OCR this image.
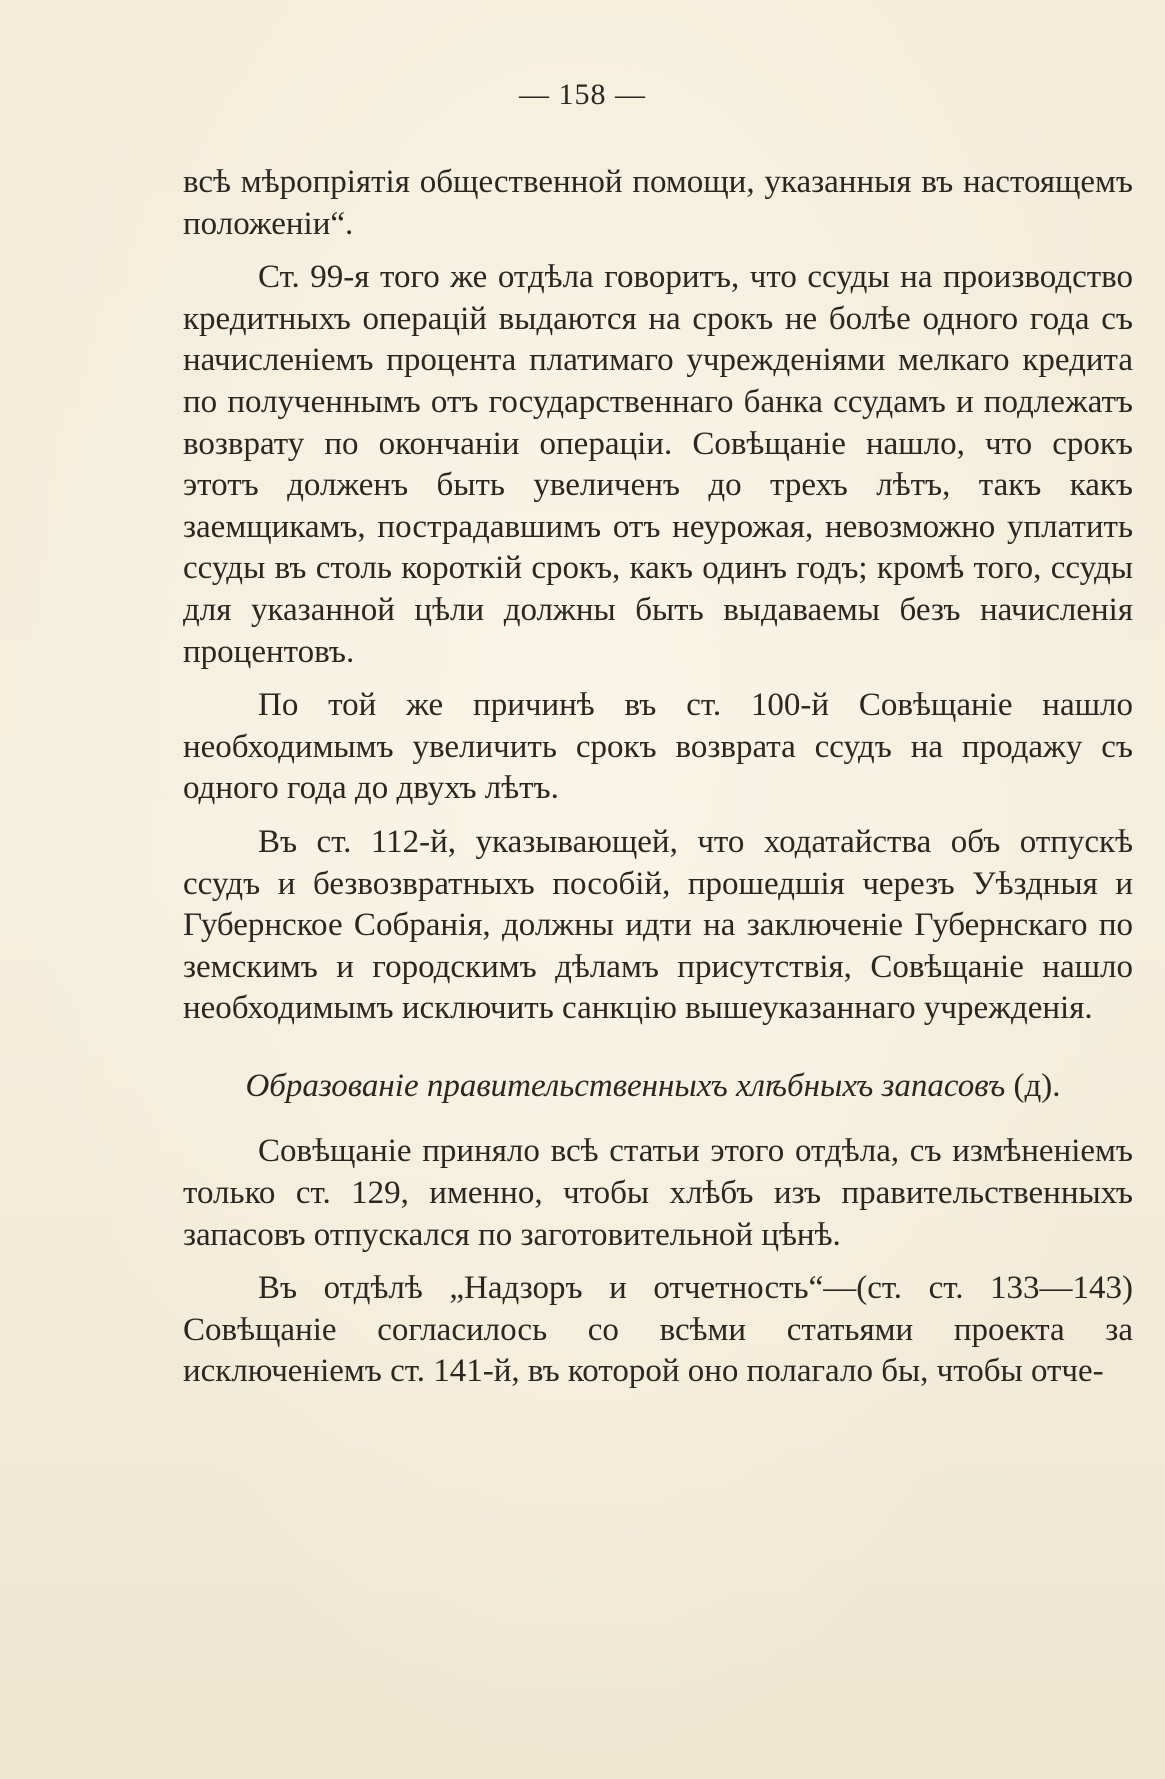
— 158 —

всѣ мѣропріятія общественной помощи, указанныя въ настоящемъ положеніи“.

Ст. 99-я того же отдѣла говоритъ, что ссуды на производство кредитныхъ операцій выдаются на срокъ не болѣе одного года съ начисленіемъ процента платимаго учрежденіями мелкаго кредита по полученнымъ отъ государственнаго банка ссудамъ и подлежатъ возврату по окончаніи операціи. Совѣщаніе нашло, что срокъ этотъ долженъ быть увеличенъ до трехъ лѣтъ, такъ какъ заемщикамъ, пострадавшимъ отъ неурожая, невозможно уплатить ссуды въ столь короткій срокъ, какъ одинъ годъ; кромѣ того, ссуды для указанной цѣли должны быть выдаваемы безъ начисленія процентовъ.

По той же причинѣ въ ст. 100-й Совѣщаніе нашло необходимымъ увеличить срокъ возврата ссудъ на продажу съ одного года до двухъ лѣтъ.

Въ ст. 112-й, указывающей, что ходатайства объ отпускѣ ссудъ и безвозвратныхъ пособій, прошедшія черезъ Уѣздныя и Губернское Собранія, должны идти на заключеніе Губернскаго по земскимъ и городскимъ дѣламъ присутствія, Совѣщаніе нашло необходимымъ исключить санкцію вышеуказаннаго учрежденія.

Образованіе правительственныхъ хлѣбныхъ запасовъ (д).

Совѣщаніе приняло всѣ статьи этого отдѣла, съ измѣненіемъ только ст. 129, именно, чтобы хлѣбъ изъ правительственныхъ запасовъ отпускался по заготовительной цѣнѣ.

Въ отдѣлѣ „Надзоръ и отчетность“—(ст. ст. 133—143) Совѣщаніе согласилось со всѣми статьями проекта за исключеніемъ ст. 141-й, въ которой оно полагало бы, чтобы отче-
